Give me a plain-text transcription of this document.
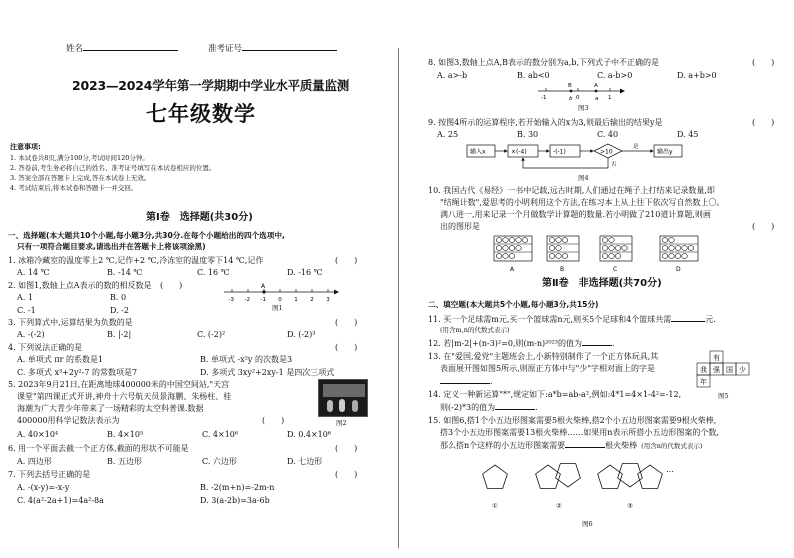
姓名	准考证号
2023—2024学年第一学期期中学业水平质量监测
七年级数学
注意事项:
1. 本试卷共8页,满分100分,考试时间120分钟。
2. 答卷前,考生务必将自己的姓名、准考证号填写在本试卷相应的位置。
3. 答案全部在答题卡上完成,答在本试卷上无效。
4. 考试结束后,将本试卷和答题卡一并交回。
第Ⅰ卷　选择题(共30分)
一、选择题(本大题共10个小题,每小题3分,共30分.在每个小题给出的四个选项中,
只有一项符合题目要求,请选出并在答题卡上将该项涂黑)
1. 冰箱冷藏室的温度零上2 ℃,记作+2 ℃,冷冻室的温度零下14 ℃,记作	(　　)
A. 14 ℃	B. -14 ℃	C. 16 ℃	D. -16 ℃
2. 如图1,数轴上点A表示的数的相反数是 (　　)
A. 1	B. 0
C. -1	D. -2
-3 -2 -1 0 1 2 3
A
图1
3. 下列算式中,运算结果为负数的是	(　　)
A. -(-2)	B. |-2|	C. (-2)²	D. (-2)³
4. 下列说法正确的是	(　　)
A. 单项式 πr 的系数是1	B. 单项式 -x²y 的次数是3
C. 多项式 x³+2y²-7 的常数项是7	D. 多项式 3xy²+2xy-1 是四次三项式
5. 2023年9月21日,在距离地球400000米的中国空间站,"天宫
课堂"第四课正式开讲,神舟十六号航天员景海鹏、朱杨柱、桂
海潮为广大青少年带来了一场精彩的太空科普课.数据
400000用科学记数法表示为	(　　)	图2
A. 40×10⁴	B. 4×10⁵	C. 4×10⁶	D. 0.4×10⁶
6. 用一个平面去截一个正方体,截面的形状不可能是	(　　)
A. 四边形	B. 五边形	C. 六边形	D. 七边形
7. 下列去括号正确的是	(　　)
A. -(x-y)=-x-y	B. -2(m+n)=-2m-n
C. 4(a²-2a+1)=4a²-8a	D. 3(a-2b)=3a-6b
8. 如图3,数轴上点A,B表示的数分别为a,b,下列式子中不正确的是	(　　)
A. a>-b	B. ab<0	C. a-b>0	D. a+b>0
-1	0	1
B	A
b	a
图3
9. 按图4所示的运算程序,若开始输入的x为3,则最后输出的结果y是	(　　)
A. 25	B. 30	C. 40	D. 45
输入x	×(-4)	-(-1)	>10
是
输出y
否
图4
10. 我国古代《易经》一书中记载,远古时期,人们通过在绳子上打结来记录数量,即
"结绳计数",爱思考的小明利用这个方法,在练习本上从上往下依次写自然数上〇。
满八进一,用来记录一个月做数学计算题的数量.若小明做了210道计算题,则画
出的图形是	(　　)
A	B	C	D
第Ⅱ卷　非选择题(共70分)
二、填空题(本大题共5个小题,每小题3分,共15分)
11. 买一个足球需m元,买一个篮球需n元,则买5个足球和4个篮球共需	元.
(用含m,n的代数式表示)
12. 若|m-2|+(n-3)²=0,则(m-n)²⁰²³的值为	.
13. 在"爱国,爱党"主题班会上,小新特别制作了一个正方体玩具,其
表面展开图如图5所示,则原正方体中与"少"字相对面上的字是
.
有
我 强 国 少
年
图5
14. 定义一种新运算"*",规定如下:a*b=ab-a²,例如:4*1=4×1-4²=-12,
则(-2)*3的值为	.
15. 如图6,搭1个小五边形图案需要5根火柴棒,搭2个小五边形图案需要9根火柴棒,
搭3个小五边形图案需要13根火柴棒……如果用n表示所搭小五边形图案的个数,
那么搭n个这样的小五边形图案需要	根火柴棒 (用含n的代数式表示)
…
①	②	③
图6
